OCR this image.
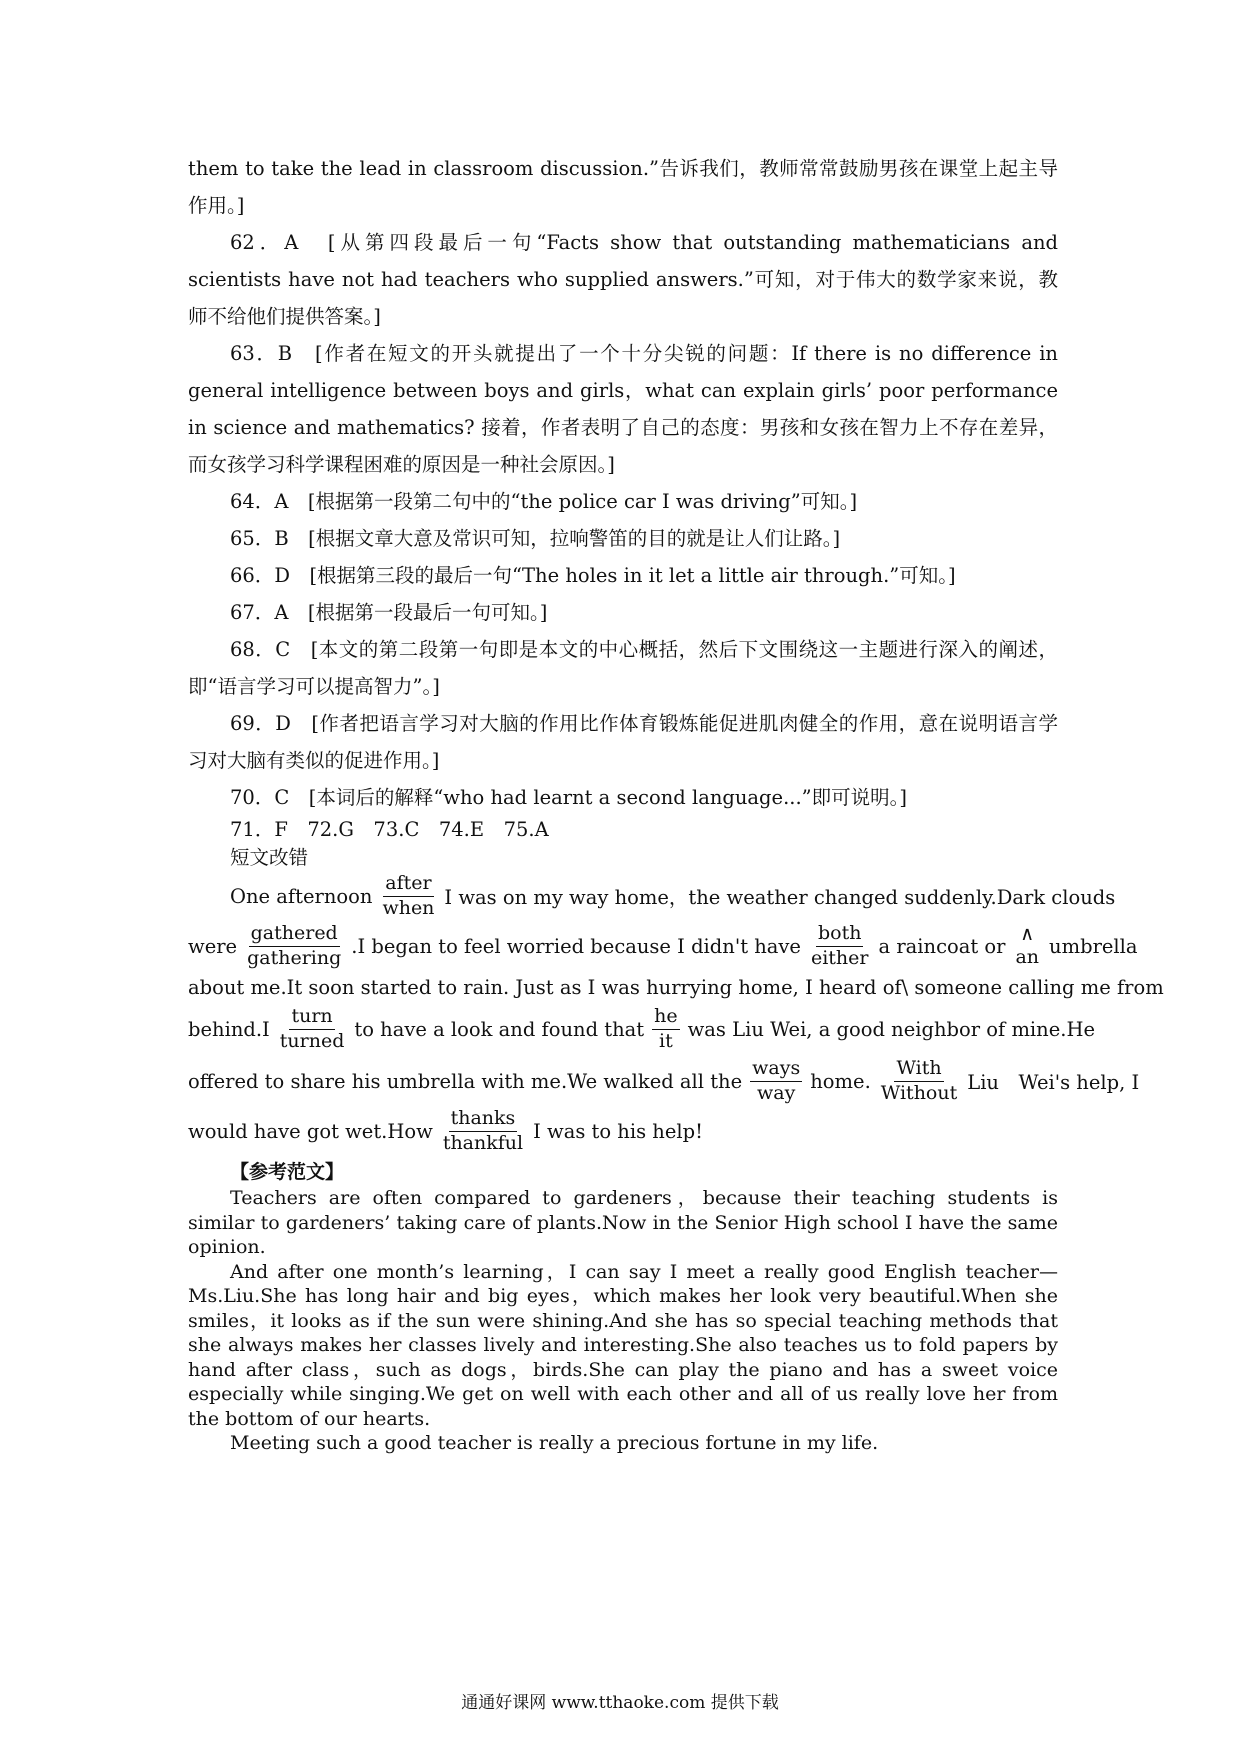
them to take the lead in classroom discussion.”告诉我们，教师常常鼓励男孩在课堂上起主导作用。]

62．A　[从第四段最后一句“Facts show that outstanding mathematicians and scientists have not had teachers who supplied answers.”可知，对于伟大的数学家来说，教师不给他们提供答案。]

63．B　[作者在短文的开头就提出了一个十分尖锐的问题：If there is no difference in general intelligence between boys and girls，what can explain girls’ poor performance in science and mathematics? 接着，作者表明了自己的态度：男孩和女孩在智力上不存在差异，而女孩学习科学课程困难的原因是一种社会原因。]

64．A　[根据第一段第二句中的“the police car I was driving”可知。]

65．B　[根据文章大意及常识可知，拉响警笛的目的就是让人们让路。]

66．D　[根据第三段的最后一句“The holes in it let a little air through.”可知。]

67．A　[根据第一段最后一句可知。]

68．C　[本文的第二段第一句即是本文的中心概括，然后下文围绕这一主题进行深入的阐述，即“语言学习可以提高智力”。]

69．D　[作者把语言学习对大脑的作用比作体育锻炼能促进肌肉健全的作用，意在说明语言学习对大脑有类似的促进作用。]

70．C　[本词后的解释“who had learnt a second language...”即可说明。]

71．F　72.G　73.C　74.E　75.A

短文改错

One afternoon $\frac{\text{after}}{\text{when}}$ I was on my way home，the weather changed suddenly.Dark clouds
were $\frac{\text{gathered}}{\text{gathering}} .I$ began to feel worried because I didn't have $\frac{\text{both}}{\text{either}}$ a raincoat or
∧
an umbrella
about me.It soon started to rain. Just as I was hurrying home, I heard of\ someone calling me from
behind.I $\frac{\text{turn}}{\text{turned}}$ to have a look and found that $\frac{he}{it}$ was Liu Wei, a good neighbor of mine.He
offered to share his umbrella with me.We walked all the $\frac{\text{ways}}{\text{way}}$ home. $\frac{\text{With}}{\text{Without}}$ Liu　Wei's help, I
would have got $wet.How \frac{\text{thanks}}{\text{thankful}}$ I was to his help!

【参考范文】

Teachers are often compared to gardeners，because their teaching students is similar to gardeners’ taking care of plants.Now in the Senior High school I have the same opinion.

And after one month’s learning，I can say I meet a really good English teacher—Ms.Liu.She has long hair and big eyes，which makes her look very beautiful.When she smiles，it looks as if the sun were shining.And she has so special teaching methods that she always makes her classes lively and interesting.She also teaches us to fold papers by hand after class，such as dogs，birds.She can play the piano and has a sweet voice especially while singing.We get on well with each other and all of us really love her from the bottom of our hearts.

Meeting such a good teacher is really a precious fortune in my life.

通通好课网 www.tthaoke.com 提供下载
